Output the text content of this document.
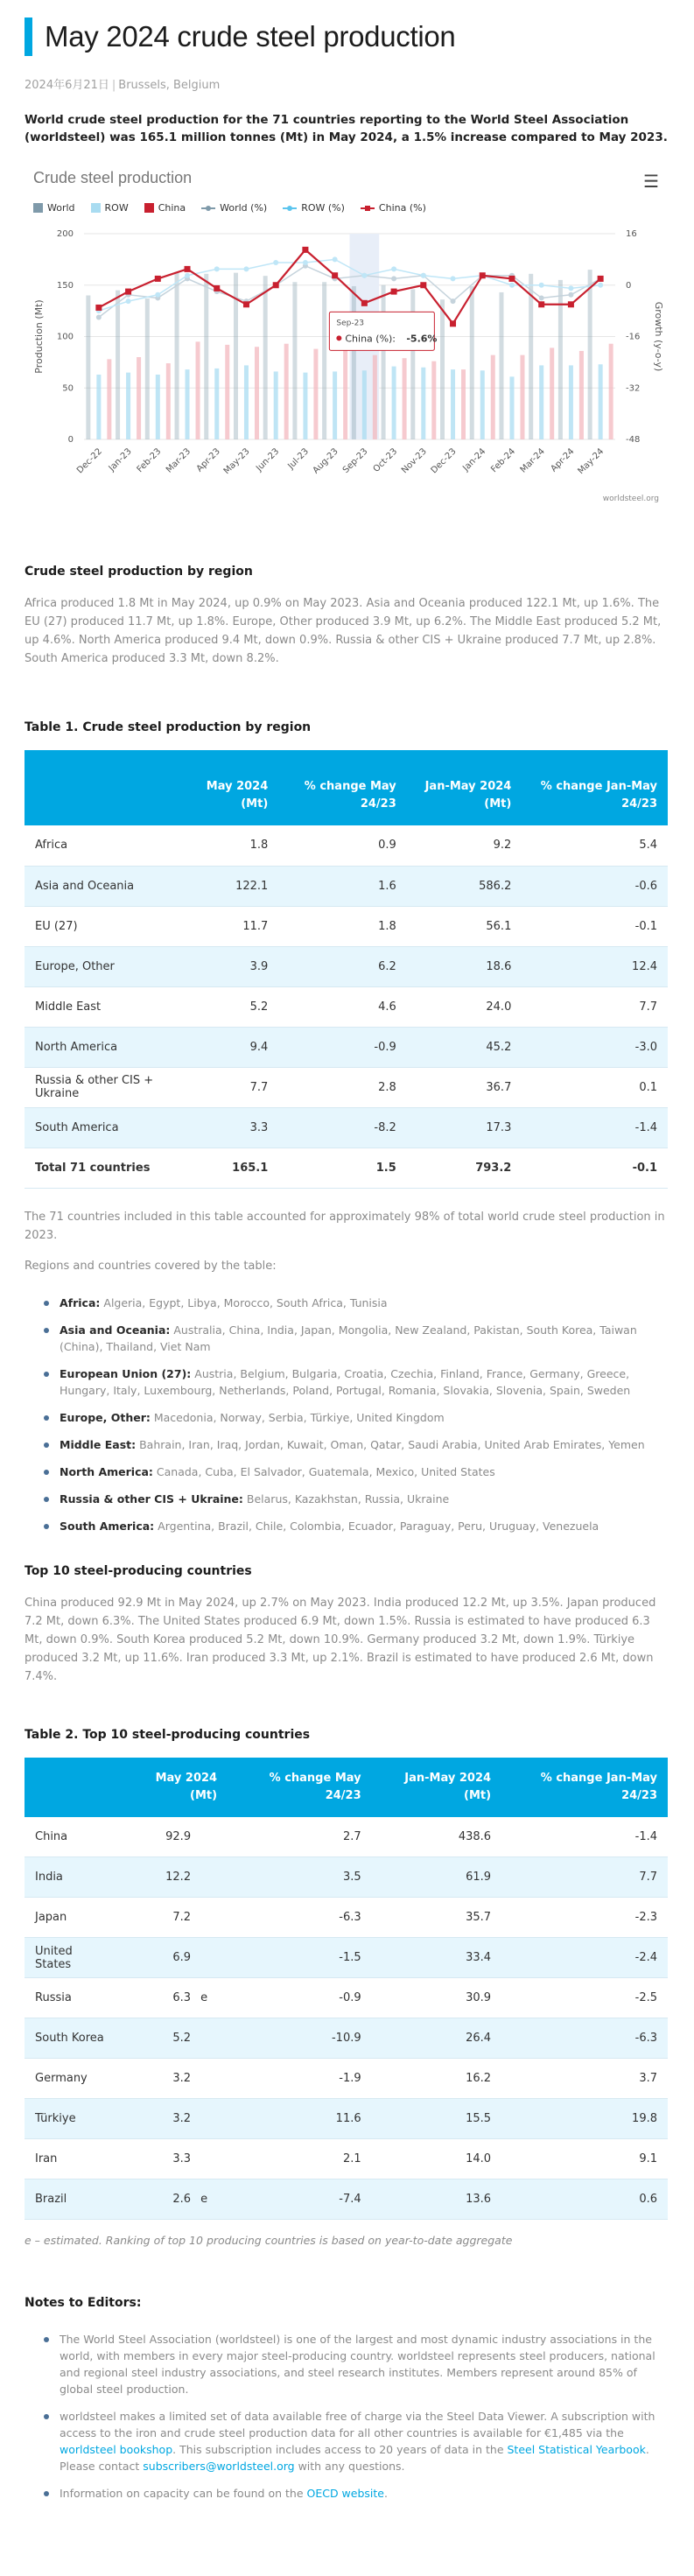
May 2024 crude steel production
2024年6月21日 | Brussels, Belgium

World crude steel production for the 71 countries reporting to the World Steel Association (worldsteel) was 165.1 million tonnes (Mt) in May 2024, a 1.5% increase compared to May 2023.

0
50
100
150
200
-48
-32
-16
0
16
Dec-22 Jan-23 Feb-23 Mar-23 Apr-23 May-23 Jun-23 Jul-23 Aug-23 Sep-23 Oct-23 Nov-23 Dec-23 Jan-24 Feb-24 Mar-24 Apr-24 May-24
Production (Mt)	Growth (y-o-y)
worldsteel.org
Sep-23
China (%): -5.6%
Crude steel production	☰
World	ROW	China	World (%)	ROW (%)	China (%)
Crude steel production by region

Africa produced 1.8 Mt in May 2024, up 0.9% on May 2023. Asia and Oceania produced 122.1 Mt, up 1.6%. The EU (27) produced 11.7 Mt, up 1.8%. Europe, Other produced 3.9 Mt, up 6.2%. The Middle East produced 5.2 Mt, up 4.6%. North America produced 9.4 Mt, down 0.9%. Russia & other CIS + Ukraine produced 7.7 Mt, up 2.8%. South America produced 3.3 Mt, down 8.2%.

Table 1. Crude steel production by region
	May 2024 (Mt)	% change May 24/23	Jan-May 2024 (Mt)	% change Jan-May 24/23
Africa	1.8	0.9	9.2	5.4
Asia and Oceania	122.1	1.6	586.2	-0.6
EU (27)	11.7	1.8	56.1	-0.1
Europe, Other	3.9	6.2	18.6	12.4
Middle East	5.2	4.6	24.0	7.7
North America	9.4	-0.9	45.2	-3.0
Russia & other CIS + Ukraine	7.7	2.8	36.7	0.1
South America	3.3	-8.2	17.3	-1.4
Total 71 countries	165.1	1.5	793.2	-0.1

The 71 countries included in this table accounted for approximately 98% of total world crude steel production in 2023.

Regions and countries covered by the table:

Africa: Algeria, Egypt, Libya, Morocco, South Africa, Tunisia
Asia and Oceania: Australia, China, India, Japan, Mongolia, New Zealand, Pakistan, South Korea, Taiwan (China), Thailand, Viet Nam
European Union (27): Austria, Belgium, Bulgaria, Croatia, Czechia, Finland, France, Germany, Greece, Hungary, Italy, Luxembourg, Netherlands, Poland, Portugal, Romania, Slovakia, Slovenia, Spain, Sweden
Europe, Other: Macedonia, Norway, Serbia, Türkiye, United Kingdom
Middle East: Bahrain, Iran, Iraq, Jordan, Kuwait, Oman, Qatar, Saudi Arabia, United Arab Emirates, Yemen
North America: Canada, Cuba, El Salvador, Guatemala, Mexico, United States
Russia & other CIS + Ukraine: Belarus, Kazakhstan, Russia, Ukraine
South America: Argentina, Brazil, Chile, Colombia, Ecuador, Paraguay, Peru, Uruguay, Venezuela
Top 10 steel-producing countries

China produced 92.9 Mt in May 2024, up 2.7% on May 2023. India produced 12.2 Mt, up 3.5%. Japan produced 7.2 Mt, down 6.3%. The United States produced 6.9 Mt, down 1.5%. Russia is estimated to have produced 6.3 Mt, down 0.9%. South Korea produced 5.2 Mt, down 10.9%. Germany produced 3.2 Mt, down 1.9%. Türkiye produced 3.2 Mt, up 11.6%. Iran produced 3.3 Mt, up 2.1%. Brazil is estimated to have produced 2.6 Mt, down 7.4%.

Table 2. Top 10 steel-producing countries
	May 2024 (Mt)	% change May 24/23	Jan-May 2024 (Mt)	% change Jan-May 24/23
China	92.9	2.7	438.6	-1.4
India	12.2	3.5	61.9	7.7
Japan	7.2	-6.3	35.7	-2.3
United States	6.9	-1.5	33.4	-2.4
Russia	6.3 e	-0.9	30.9	-2.5
South Korea	5.2	-10.9	26.4	-6.3
Germany	3.2	-1.9	16.2	3.7
Türkiye	3.2	11.6	15.5	19.8
Iran	3.3	2.1	14.0	9.1
Brazil	2.6 e	-7.4	13.6	0.6

e – estimated. Ranking of top 10 producing countries is based on year-to-date aggregate

Notes to Editors:
The World Steel Association (worldsteel) is one of the largest and most dynamic industry associations in the world, with members in every major steel-producing country. worldsteel represents steel producers, national and regional steel industry associations, and steel research institutes. Members represent around 85% of global steel production.
worldsteel makes a limited set of data available free of charge via the Steel Data Viewer. A subscription with access to the iron and crude steel production data for all other countries is available for €1,485 via the worldsteel bookshop. This subscription includes access to 20 years of data in the Steel Statistical Yearbook. Please contact subscribers@worldsteel.org with any questions.
Information on capacity can be found on the OECD website.
